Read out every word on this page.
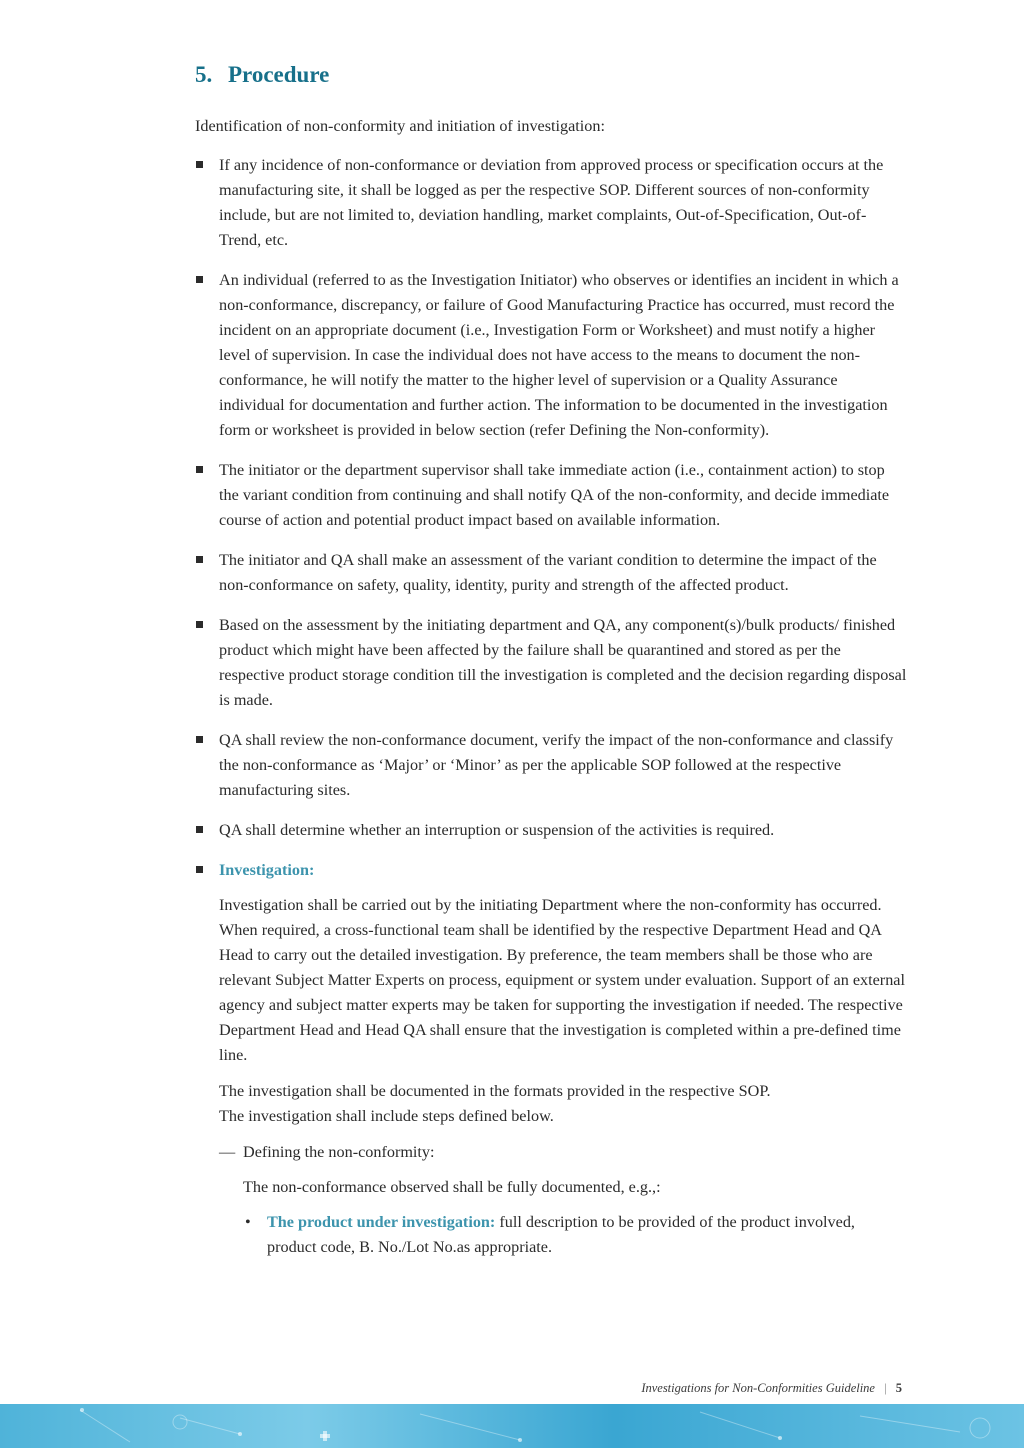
5. Procedure

Identification of non-conformity and initiation of investigation:

If any incidence of non-conformance or deviation from approved process or specification occurs at the manufacturing site, it shall be logged as per the respective SOP. Different sources of non-conformity include, but are not limited to, deviation handling, market complaints, Out-of-Specification, Out-of-Trend, etc.

An individual (referred to as the Investigation Initiator) who observes or identifies an incident in which a non-conformance, discrepancy, or failure of Good Manufacturing Practice has occurred, must record the incident on an appropriate document (i.e., Investigation Form or Worksheet) and must notify a higher level of supervision. In case the individual does not have access to the means to document the non-conformance, he will notify the matter to the higher level of supervision or a Quality Assurance individual for documentation and further action. The information to be documented in the investigation form or worksheet is provided in below section (refer Defining the Non-conformity).

The initiator or the department supervisor shall take immediate action (i.e., containment action) to stop the variant condition from continuing and shall notify QA of the non-conformity, and decide immediate course of action and potential product impact based on available information.

The initiator and QA shall make an assessment of the variant condition to determine the impact of the non-conformance on safety, quality, identity, purity and strength of the affected product.

Based on the assessment by the initiating department and QA, any component(s)/bulk products/ finished product which might have been affected by the failure shall be quarantined and stored as per the respective product storage condition till the investigation is completed and the decision regarding disposal is made.

QA shall review the non-conformance document, verify the impact of the non-conformance and classify the non-conformance as ‘Major’ or ‘Minor’ as per the applicable SOP followed at the respective manufacturing sites.

QA shall determine whether an interruption or suspension of the activities is required.

Investigation:

Investigation shall be carried out by the initiating Department where the non-conformity has occurred. When required, a cross-functional team shall be identified by the respective Department Head and QA Head to carry out the detailed investigation. By preference, the team members shall be those who are relevant Subject Matter Experts on process, equipment or system under evaluation. Support of an external agency and subject matter experts may be taken for supporting the investigation if needed. The respective Department Head and Head QA shall ensure that the investigation is completed within a pre-defined time line.

The investigation shall be documented in the formats provided in the respective SOP.
The investigation shall include steps defined below.

— Defining the non-conformity:

The non-conformance observed shall be fully documented, e.g.,:

• The product under investigation: full description to be provided of the product involved, product code, B. No./Lot No.as appropriate.

Investigations for Non-Conformities Guideline | 5
